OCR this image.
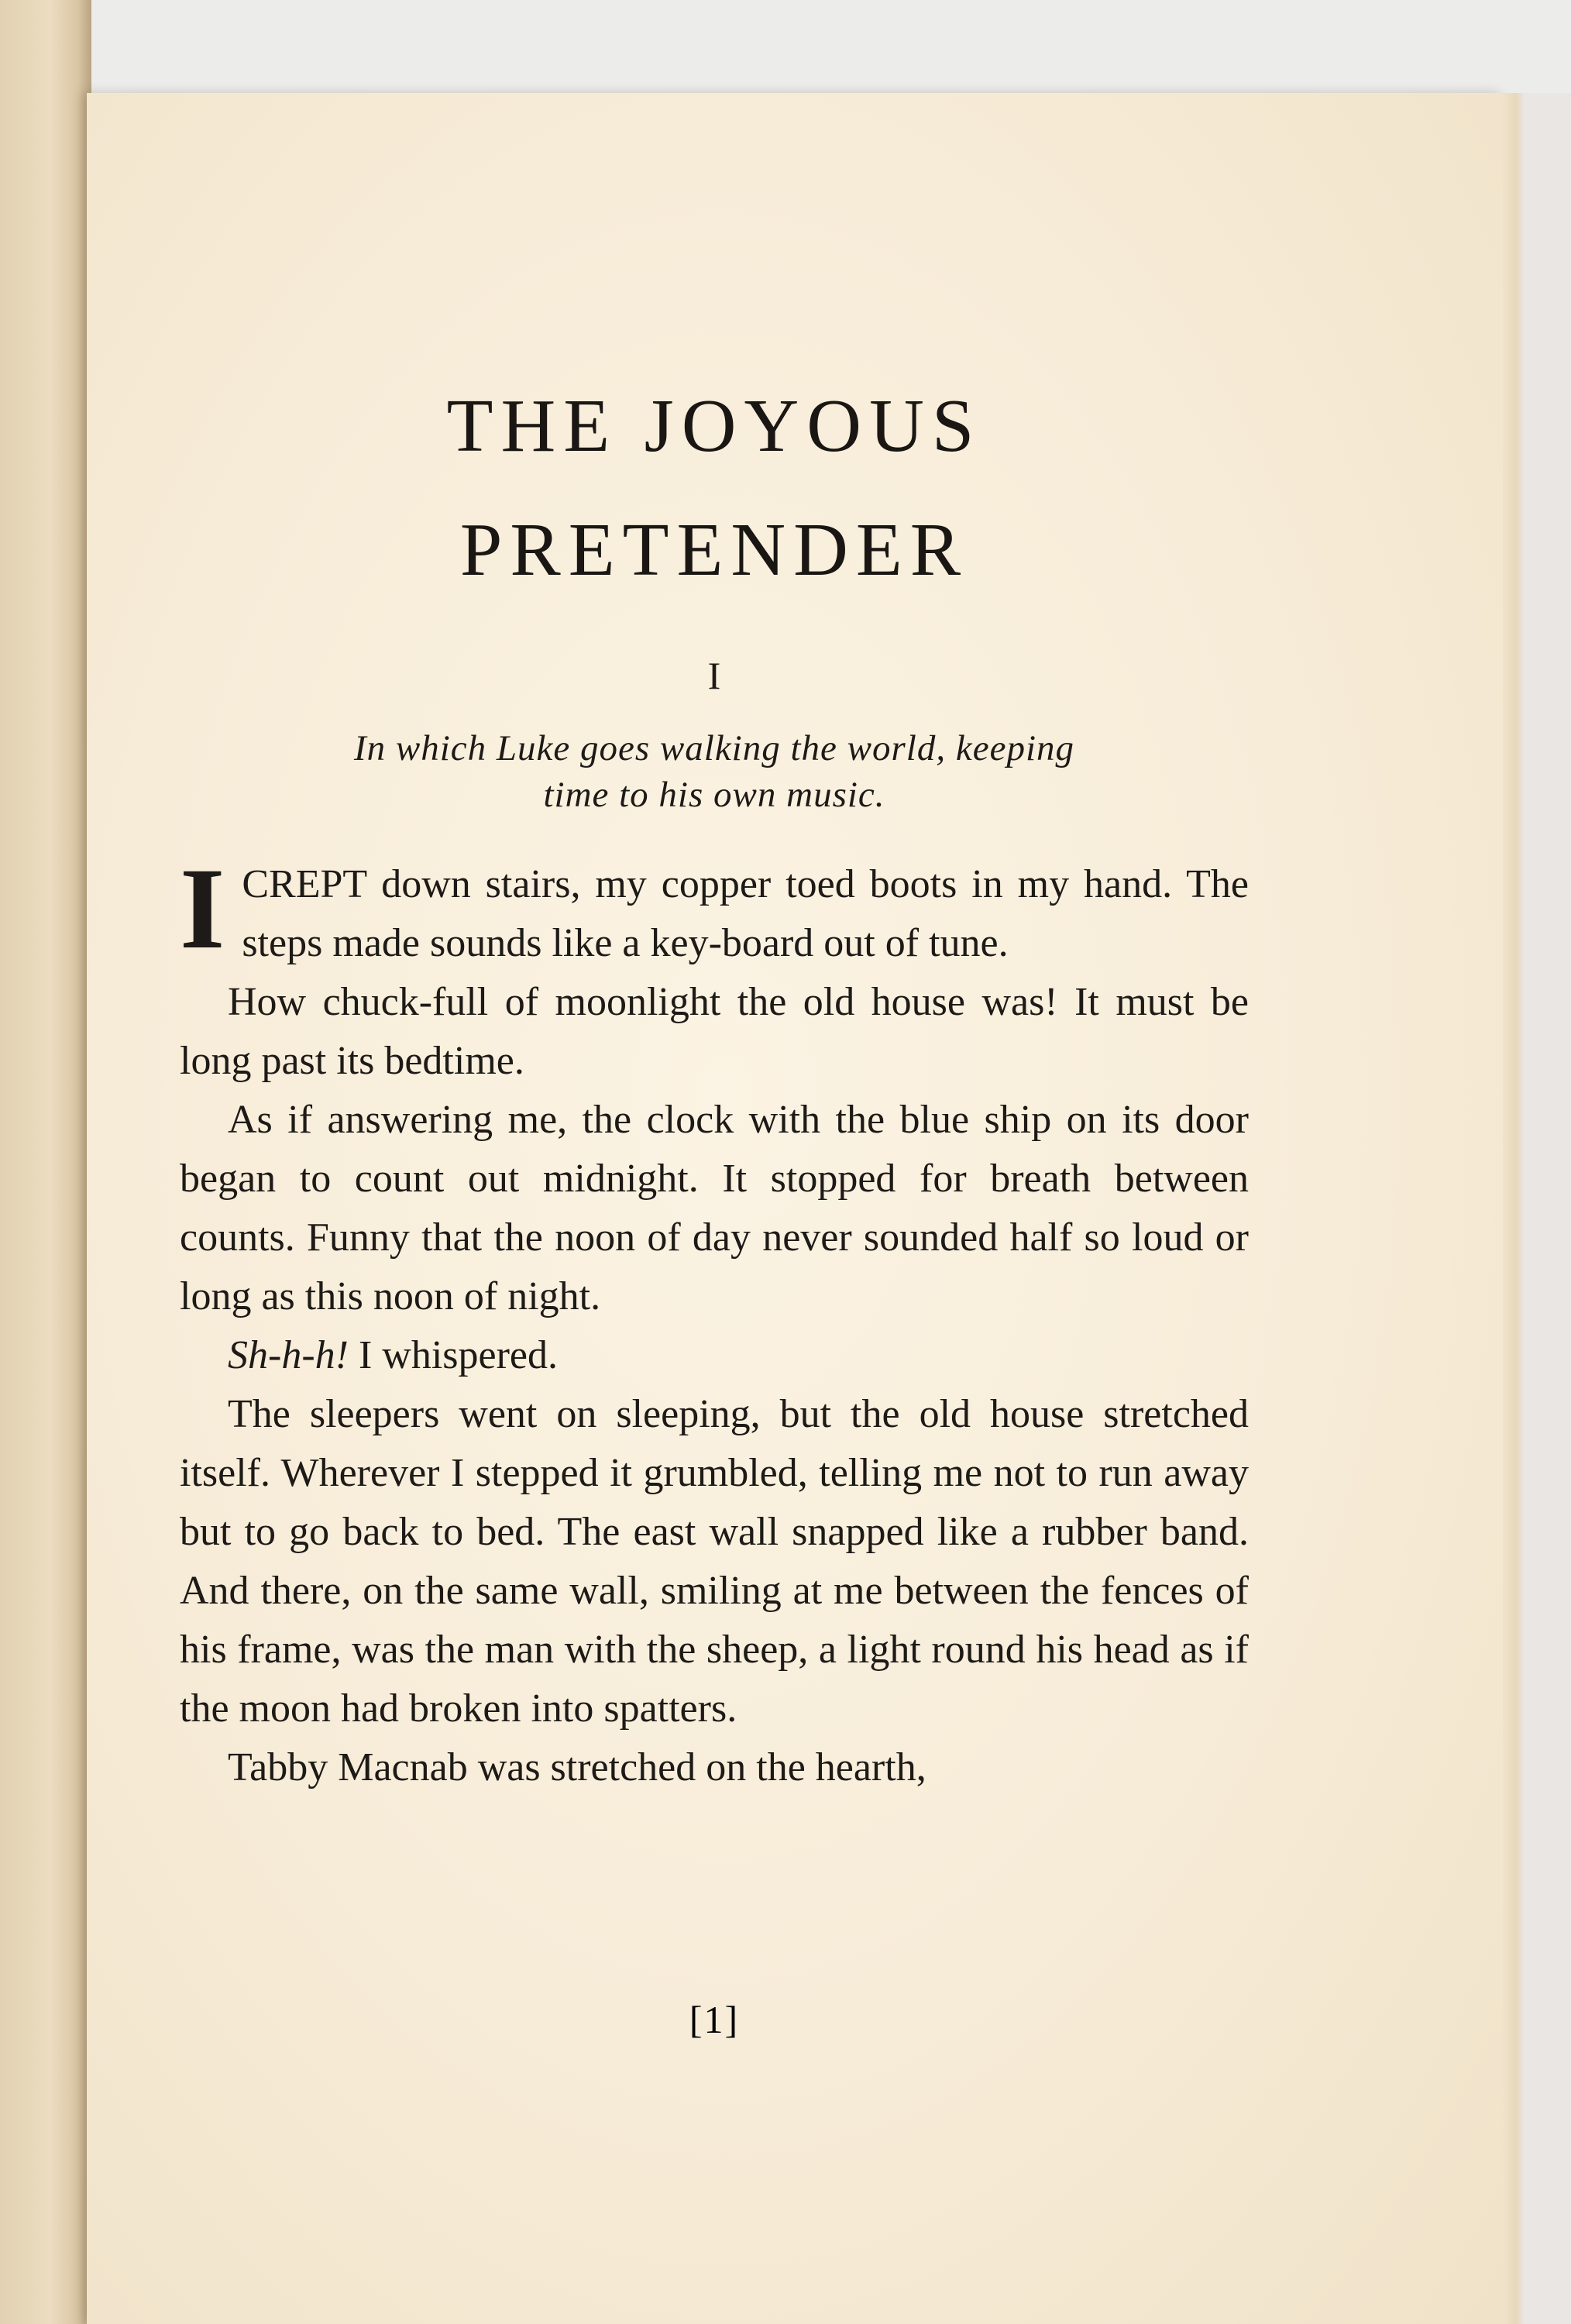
THE JOYOUS
PRETENDER
I
In which Luke goes walking the world, keeping
time to his own music.

ICREPT down stairs, my copper toed boots in my hand. The steps made sounds like a key-board out of tune.

How chuck-full of moonlight the old house was! It must be long past its bedtime.

As if answering me, the clock with the blue ship on its door began to count out midnight. It stopped for breath between counts. Funny that the noon of day never sounded half so loud or long as this noon of night.

Sh-h-h! I whispered.

The sleepers went on sleeping, but the old house stretched itself. Wherever I stepped it grumbled, telling me not to run away but to go back to bed. The east wall snapped like a rubber band. And there, on the same wall, smiling at me between the fences of his frame, was the man with the sheep, a light round his head as if the moon had broken into spatters.

Tabby Macnab was stretched on the hearth,

[1]
